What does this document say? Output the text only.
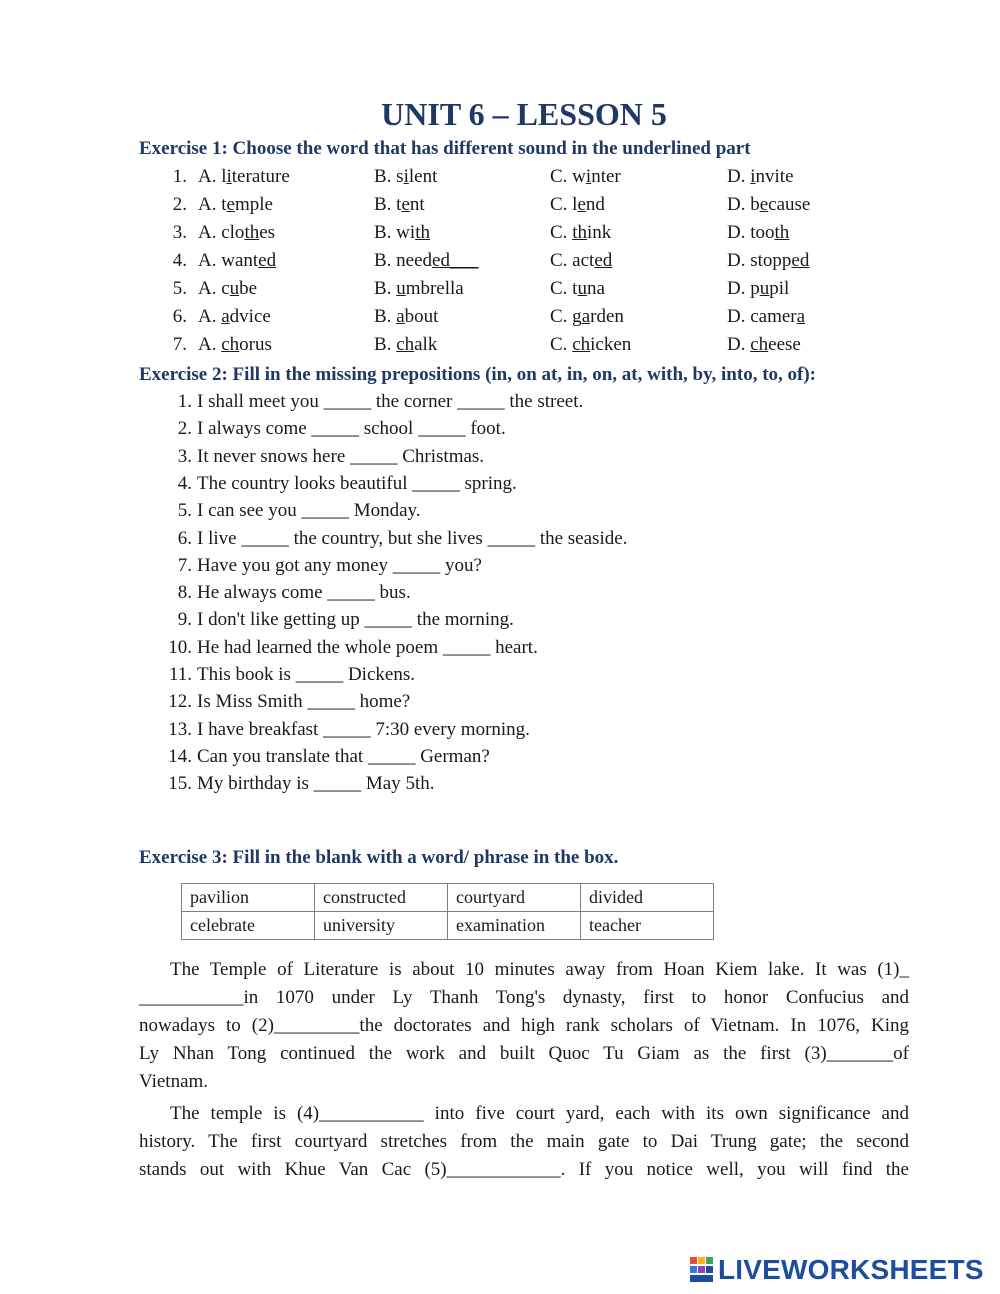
UNIT 6 – LESSON 5
Exercise 1: Choose the word that has different sound in the underlined part
1. A. literature	B. silent	C. winter	D. invite
2. A. temple	B. tent	C. lend	D. because
3. A. clothes	B. with	C. think	D. tooth
4. A. wanted	B. needed___	C. acted	D. stopped
5. A. cube	B. umbrella	C. tuna	D. pupil
6. A. advice	B. about	C. garden	D. camera
7. A. chorus	B. chalk	C. chicken	D. cheese
Exercise 2: Fill in the missing prepositions (in, on at, in, on, at, with, by, into, to, of):
1. I shall meet you _____ the corner _____ the street.
2. I always come _____ school _____ foot.
3. It never snows here _____ Christmas.
4. The country looks beautiful _____ spring.
5. I can see you _____ Monday.
6. I live _____ the country, but she lives _____ the seaside.
7. Have you got any money _____ you?
8. He always come _____ bus.
9. I don't like getting up _____ the morning.
10. He had learned the whole poem _____ heart.
11. This book is _____ Dickens.
12. Is Miss Smith _____ home?
13. I have breakfast _____ 7:30 every morning.
14. Can you translate that _____ German?
15. My birthday is _____ May 5th.
Exercise 3: Fill in the blank with a word/ phrase in the box.
pavilion	constructed	courtyard	divided
celebrate	university	examination	teacher

The Temple of Literature is about 10 minutes away from Hoan Kiem lake. It was (1)_
___________in 1070 under Ly Thanh Tong's dynasty, first to honor Confucius and
nowadays to (2)_________the doctorates and high rank scholars of Vietnam. In 1076, King
Ly Nhan Tong continued the work and built Quoc Tu Giam as the first (3)_______of
Vietnam.

The temple is (4)___________ into five court yard, each with its own significance and
history. The first courtyard stretches from the main gate to Dai Trung gate; the second
stands out with Khue Van Cac (5)____________. If you notice well, you will find the

LIVEWORKSHEETS
